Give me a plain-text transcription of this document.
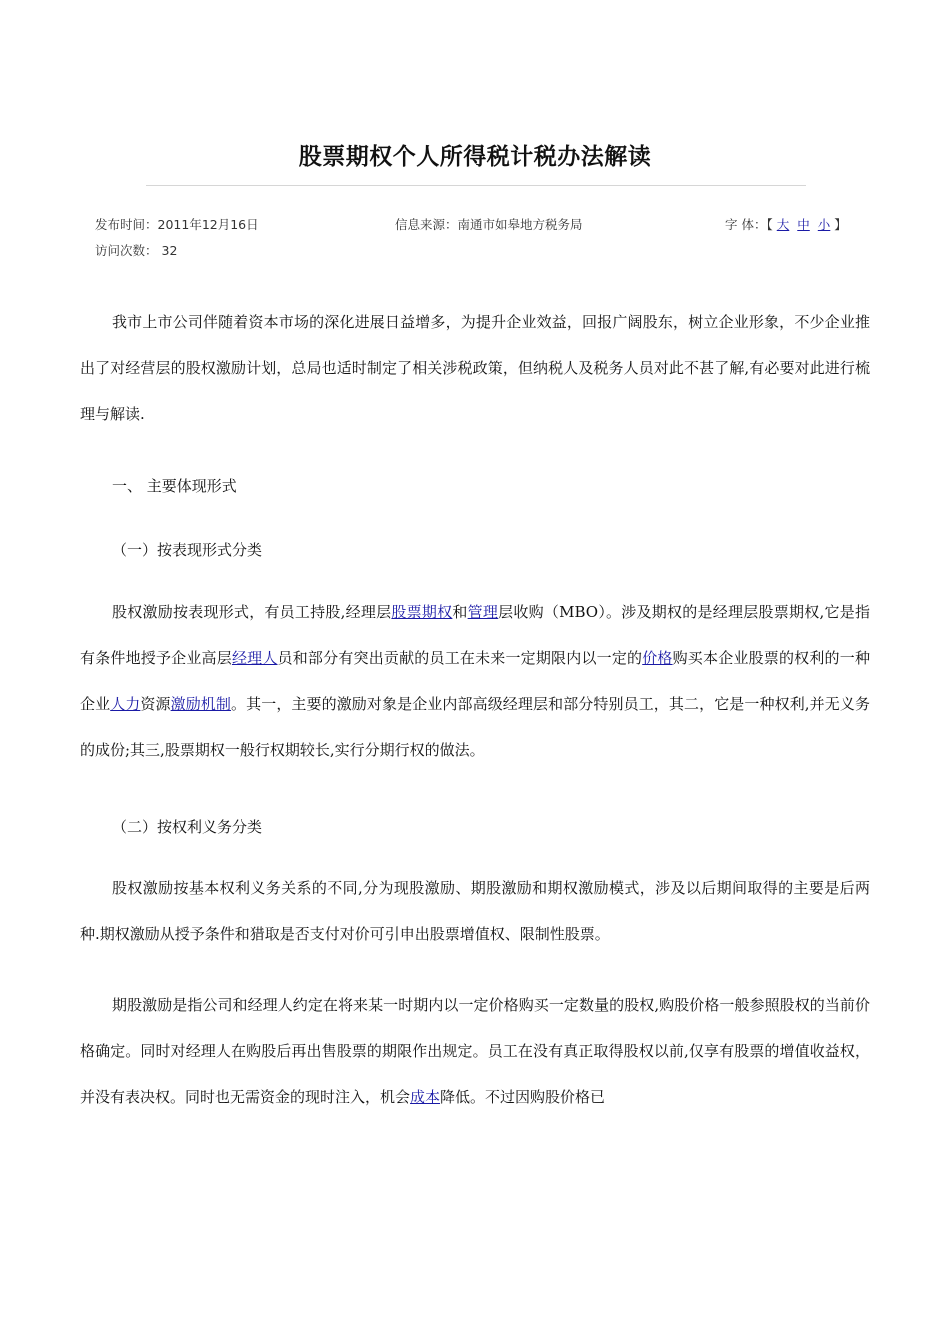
股票期权个人所得税计税办法解读
发布时间：2011年12月16日	信息来源：南通市如皋地方税务局	字 体：【 大 中 小 】
访问次数： 32

我市上市公司伴随着资本市场的深化进展日益增多，为提升企业效益，回报广阔股东，树立企业形象，不少企业推出了对经营层的股权激励计划，总局也适时制定了相关涉税政策，但纳税人及税务人员对此不甚了解,有必要对此进行梳理与解读.

一、 主要体现形式

（一）按表现形式分类

股权激励按表现形式，有员工持股,经理层股票期权和管理层收购（MBO）。涉及期权的是经理层股票期权,它是指有条件地授予企业高层经理人员和部分有突出贡献的员工在未来一定期限内以一定的价格购买本企业股票的权利的一种企业人力资源激励机制。其一，主要的激励对象是企业内部高级经理层和部分特别员工，其二，它是一种权利,并无义务的成份;其三,股票期权一般行权期较长,实行分期行权的做法。

（二）按权利义务分类

股权激励按基本权利义务关系的不同,分为现股激励、期股激励和期权激励模式，涉及以后期间取得的主要是后两种.期权激励从授予条件和猎取是否支付对价可引申出股票增值权、限制性股票。

期股激励是指公司和经理人约定在将来某一时期内以一定价格购买一定数量的股权,购股价格一般参照股权的当前价格确定。同时对经理人在购股后再出售股票的期限作出规定。员工在没有真正取得股权以前,仅享有股票的增值收益权，并没有表决权。同时也无需资金的现时注入，机会成本降低。不过因购股价格已
